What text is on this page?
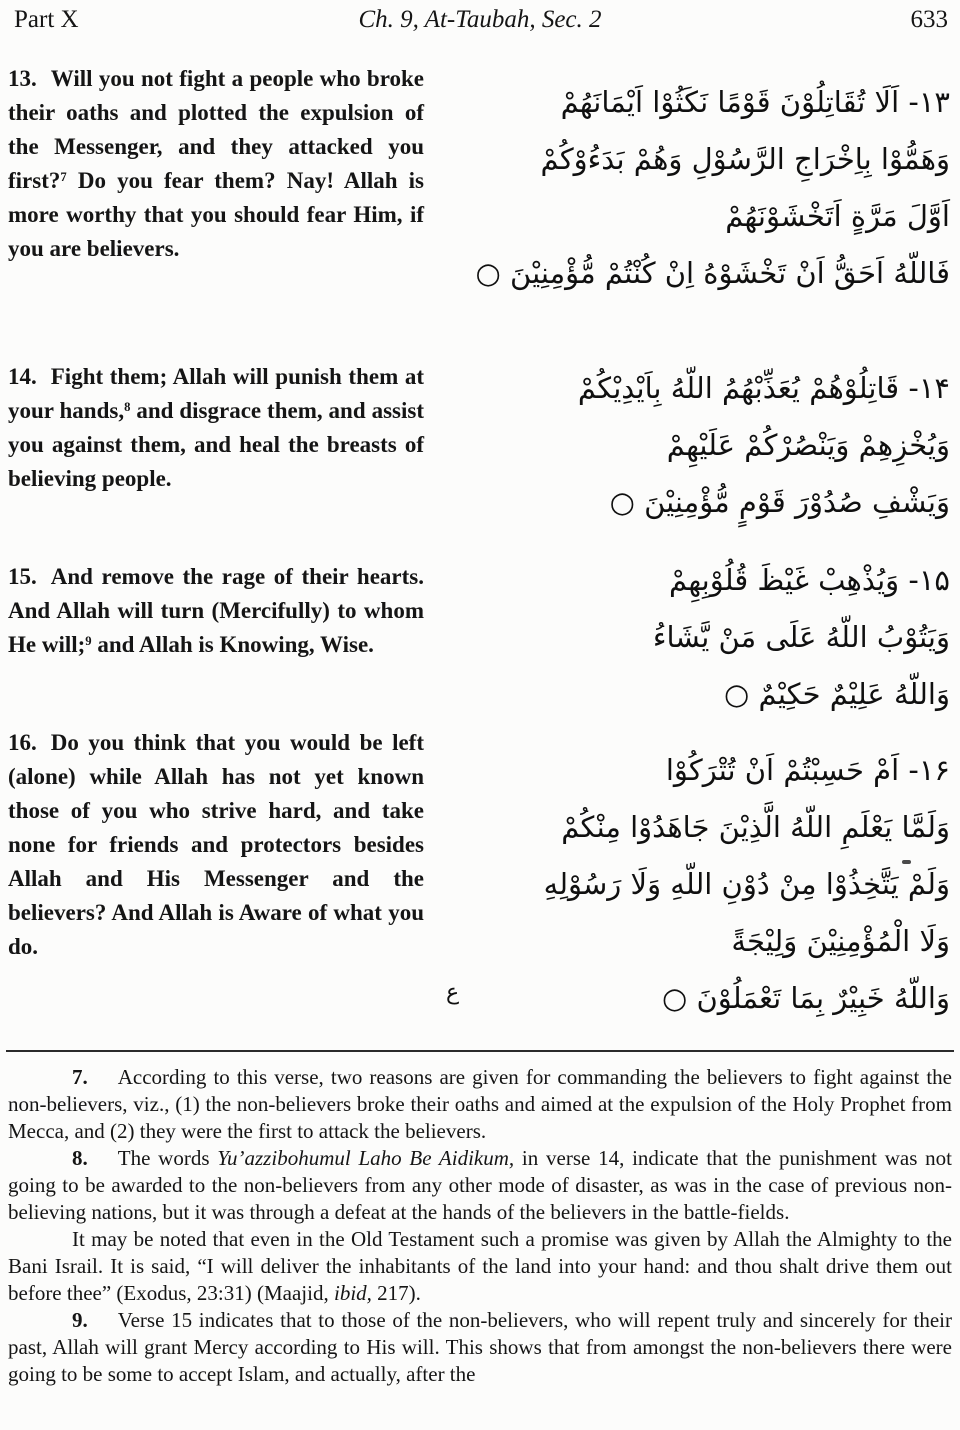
Part X	Ch. 9, At-Taubah, Sec. 2	633

13. Will you not fight a people who broke their oaths and plotted the expulsion of the Messenger, and they attacked you first?$^7$ Do you fear them? Nay! Allah is more worthy that you should fear Him, if you are believers.

14. Fight them; Allah will punish them at your hands,$^8$ and disgrace them, and assist you against them, and heal the breasts of believing people.

15. And remove the rage of their hearts. And Allah will turn (Mercifully) to whom He will;$^9$ and Allah is Knowing, Wise.

16. Do you think that you would be left (alone) while Allah has not yet known those of you who strive hard, and take none for friends and protectors besides Allah and His Messenger and the believers? And Allah is Aware of what you do.

۱۳- اَلَا تُقَاتِلُوْنَ قَوْمًا نَكَثُوْا اَيْمَانَهُمْ
وَهَمُّوْا بِاِخْرَاجِ الرَّسُوْلِ وَهُمْ بَدَءُوْكُمْ
اَوَّلَ مَرَّةٍ اَتَخْشَوْنَهُمْ
فَاللّهُ اَحَقُّ اَنْ تَخْشَوْهُ اِنْ كُنْتُمْ مُّؤْمِنِيْنَ ○
۱۴- قَاتِلُوْهُمْ يُعَذِّبْهُمُ اللّهُ بِاَيْدِيْكُمْ
وَيُخْزِهِمْ وَيَنْصُرْكُمْ عَلَيْهِمْ
وَيَشْفِ صُدُوْرَ قَوْمٍ مُّؤْمِنِيْنَ ○
۱۵- وَيُذْهِبْ غَيْظَ قُلُوْبِهِمْ
وَيَتُوْبُ اللّهُ عَلَى مَنْ يَّشَاءُ
وَاللّهُ عَلِيْمٌ حَكِيْمٌ ○
۱۶- اَمْ حَسِبْتُمْ اَنْ تُتْرَكُوْا
وَلَمَّا يَعْلَمِ اللّهُ الَّذِيْنَ جَاهَدُوْا مِنْكُمْ
وَلَمْ يَتَّخِذُوْا مِنْ دُوْنِ اللّهِ وَلَا رَسُوْلِهِ
وَلَا الْمُؤْمِنِيْنَ وَلِيْجَةً
وَاللّهُ خَبِيْرٌ بِمَا تَعْمَلُوْنَ ○
ع

7. According to this verse, two reasons are given for commanding the believers to fight against the non-believers, viz., (1) the non-believers broke their oaths and aimed at the expulsion of the Holy Prophet from Mecca, and (2) they were the first to attack the believers.

8. The words Yu’azzibohumul Laho Be Aidikum, in verse 14, indicate that the punishment was not going to be awarded to the non-believers from any other mode of disaster, as was in the case of previous non-believing nations, but it was through a defeat at the hands of the believers in the battle-fields.

It may be noted that even in the Old Testament such a promise was given by Allah the Almighty to the Bani Israil. It is said, “I will deliver the inhabitants of the land into your hand: and thou shalt drive them out before thee” (Exodus, 23:31) (Maajid, ibid, 217).

9. Verse 15 indicates that to those of the non-believers, who will repent truly and sincerely for their past, Allah will grant Mercy according to His will. This shows that from amongst the non-believers there were going to be some to accept Islam, and actually, after the
